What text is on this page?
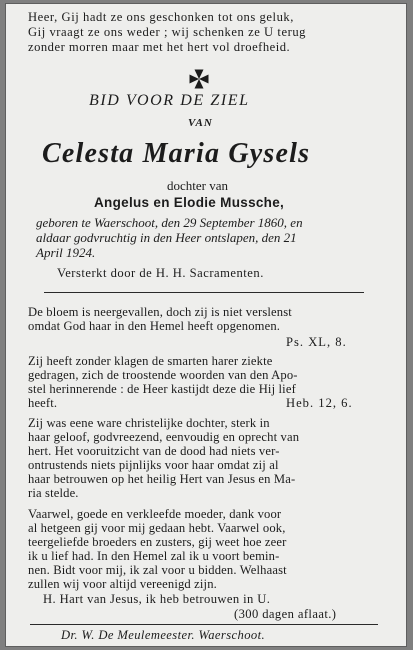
Heer, Gij hadt ze ons geschonken tot ons geluk,
Gij vraagt ze ons weder ; wij schenken ze U terug
zonder morren maar met het hert vol droefheid.
BID VOOR DE ZIEL
VAN
Celesta Maria Gysels
dochter van
Angelus en Elodie Mussche,
geboren te Waerschoot, den 29 September 1860, en
aldaar godvruchtig in den Heer ontslapen, den 21
April 1924.
Versterkt door de H. H. Sacramenten.
De bloem is neergevallen, doch zij is niet verslenst
omdat God haar in den Hemel heeft opgenomen.
Ps. XL, 8.
Zij heeft zonder klagen de smarten harer ziekte
gedragen, zich de troostende woorden van den Apo-
stel herinnerende : de Heer kastijdt deze die Hij lief
heeft.	Heb. 12, 6.
Zij was eene ware christelijke dochter, sterk in
haar geloof, godvreezend, eenvoudig en oprecht van
hert. Het vooruitzicht van de dood had niets ver-
ontrustends niets pijnlijks voor haar omdat zij al
haar betrouwen op het heilig Hert van Jesus en Ma-
ria stelde.
Vaarwel, goede en verkleefde moeder, dank voor
al hetgeen gij voor mij gedaan hebt. Vaarwel ook,
teergeliefde broeders en zusters, gij weet hoe zeer
ik u lief had. In den Hemel zal ik u voort bemin-
nen. Bidt voor mij, ik zal voor u bidden. Welhaast
zullen wij voor altijd vereenigd zijn.
H. Hart van Jesus, ik heb betrouwen in U.
(300 dagen aflaat.)
Dr. W. De Meulemeester. Waerschoot.
